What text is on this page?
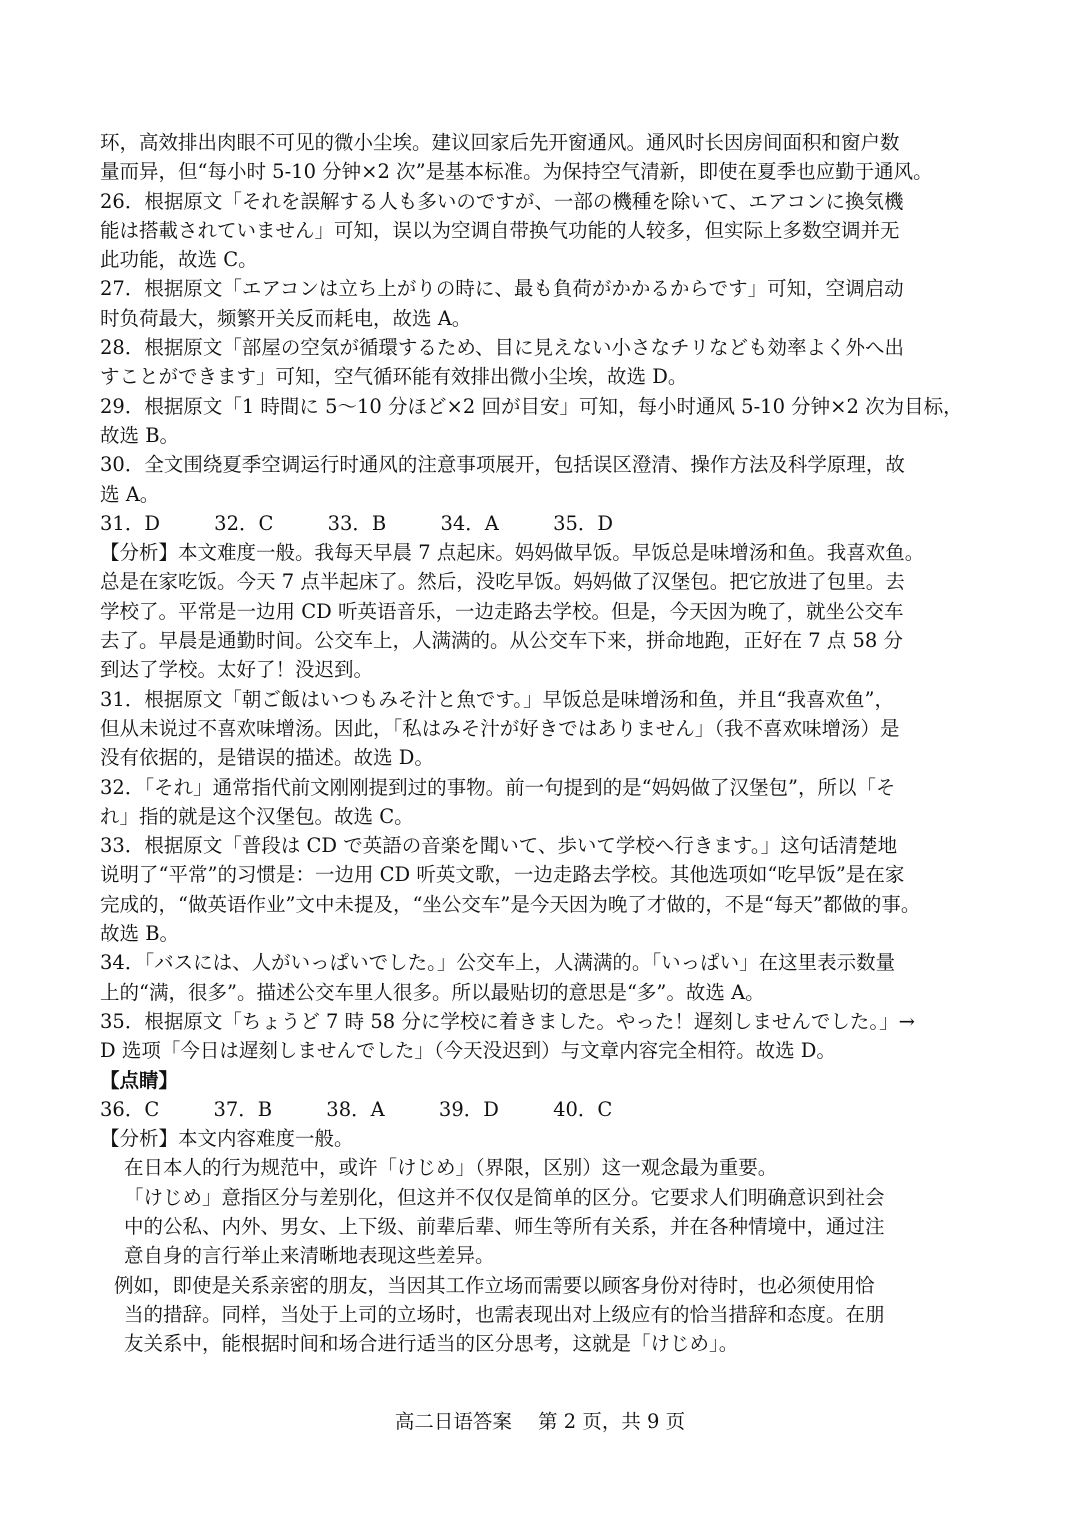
环，高效排出肉眼不可见的微小尘埃。建议回家后先开窗通风。通风时长因房间面积和窗户数
量而异，但“每小时 5-10 分钟×2 次”是基本标准。为保持空气清新，即使在夏季也应勤于通风。
26．根据原文「それを誤解する人も多いのですが、一部の機種を除いて、エアコンに換気機
能は搭載されていません」可知，误以为空调自带换气功能的人较多，但实际上多数空调并无
此功能，故选 C。
27．根据原文「エアコンは立ち上がりの時に、最も負荷がかかるからです」可知，空调启动
时负荷最大，频繁开关反而耗电，故选 A。
28．根据原文「部屋の空気が循環するため、目に見えない小さなチリなども効率よく外へ出
すことができます」可知，空气循环能有效排出微小尘埃，故选 D。
29．根据原文「1 時間に 5～10 分ほど×2 回が目安」可知，每小时通风 5-10 分钟×2 次为目标，
故选 B。
30．全文围绕夏季空调运行时通风的注意事项展开，包括误区澄清、操作方法及科学原理，故
选 A。
31．D	32．C	33．B	34．A	35．D
【分析】本文难度一般。我每天早晨 7 点起床。妈妈做早饭。早饭总是味增汤和鱼。我喜欢鱼。
总是在家吃饭。今天 7 点半起床了。然后，没吃早饭。妈妈做了汉堡包。把它放进了包里。去
学校了。平常是一边用 CD 听英语音乐，一边走路去学校。但是，今天因为晚了，就坐公交车
去了。早晨是通勤时间。公交车上，人满满的。从公交车下来，拼命地跑，正好在 7 点 58 分
到达了学校。太好了！没迟到。
31．根据原文「朝ご飯はいつもみそ汁と魚です。」早饭总是味增汤和鱼，并且“我喜欢鱼”，
但从未说过不喜欢味增汤。因此，「私はみそ汁が好きではありません」（我不喜欢味增汤）是
没有依据的，是错误的描述。故选 D。
32．「それ」通常指代前文刚刚提到过的事物。前一句提到的是“妈妈做了汉堡包”，所以「そ
れ」指的就是这个汉堡包。故选 C。
33．根据原文「普段は CD で英語の音楽を聞いて、歩いて学校へ行きます。」这句话清楚地
说明了“平常”的习惯是：一边用 CD 听英文歌，一边走路去学校。其他选项如“吃早饭”是在家
完成的，“做英语作业”文中未提及，“坐公交车”是今天因为晚了才做的，不是“每天”都做的事。
故选 B。
34．「バスには、人がいっぱいでした。」公交车上，人满满的。「いっぱい」在这里表示数量
上的“满，很多”。描述公交车里人很多。所以最贴切的意思是“多”。故选 A。
35．根据原文「ちょうど 7 時 58 分に学校に着きました。やった！遅刻しませんでした。」→
D 选项「今日は遅刻しませんでした」（今天没迟到）与文章内容完全相符。故选 D。
【点睛】
36．C	37．B	38．A	39．D	40．C
【分析】本文内容难度一般。
在日本人的行为规范中，或许「けじめ」（界限，区别）这一观念最为重要。
「けじめ」意指区分与差别化，但这并不仅仅是简单的区分。它要求人们明确意识到社会
中的公私、内外、男女、上下级、前辈后辈、师生等所有关系，并在各种情境中，通过注
意自身的言行举止来清晰地表现这些差异。
例如，即使是关系亲密的朋友，当因其工作立场而需要以顾客身份对待时，也必须使用恰
当的措辞。同样，当处于上司的立场时，也需表现出对上级应有的恰当措辞和态度。在朋
友关系中，能根据时间和场合进行适当的区分思考，这就是「けじめ」。
高二日语答案 第 2 页，共 9 页
